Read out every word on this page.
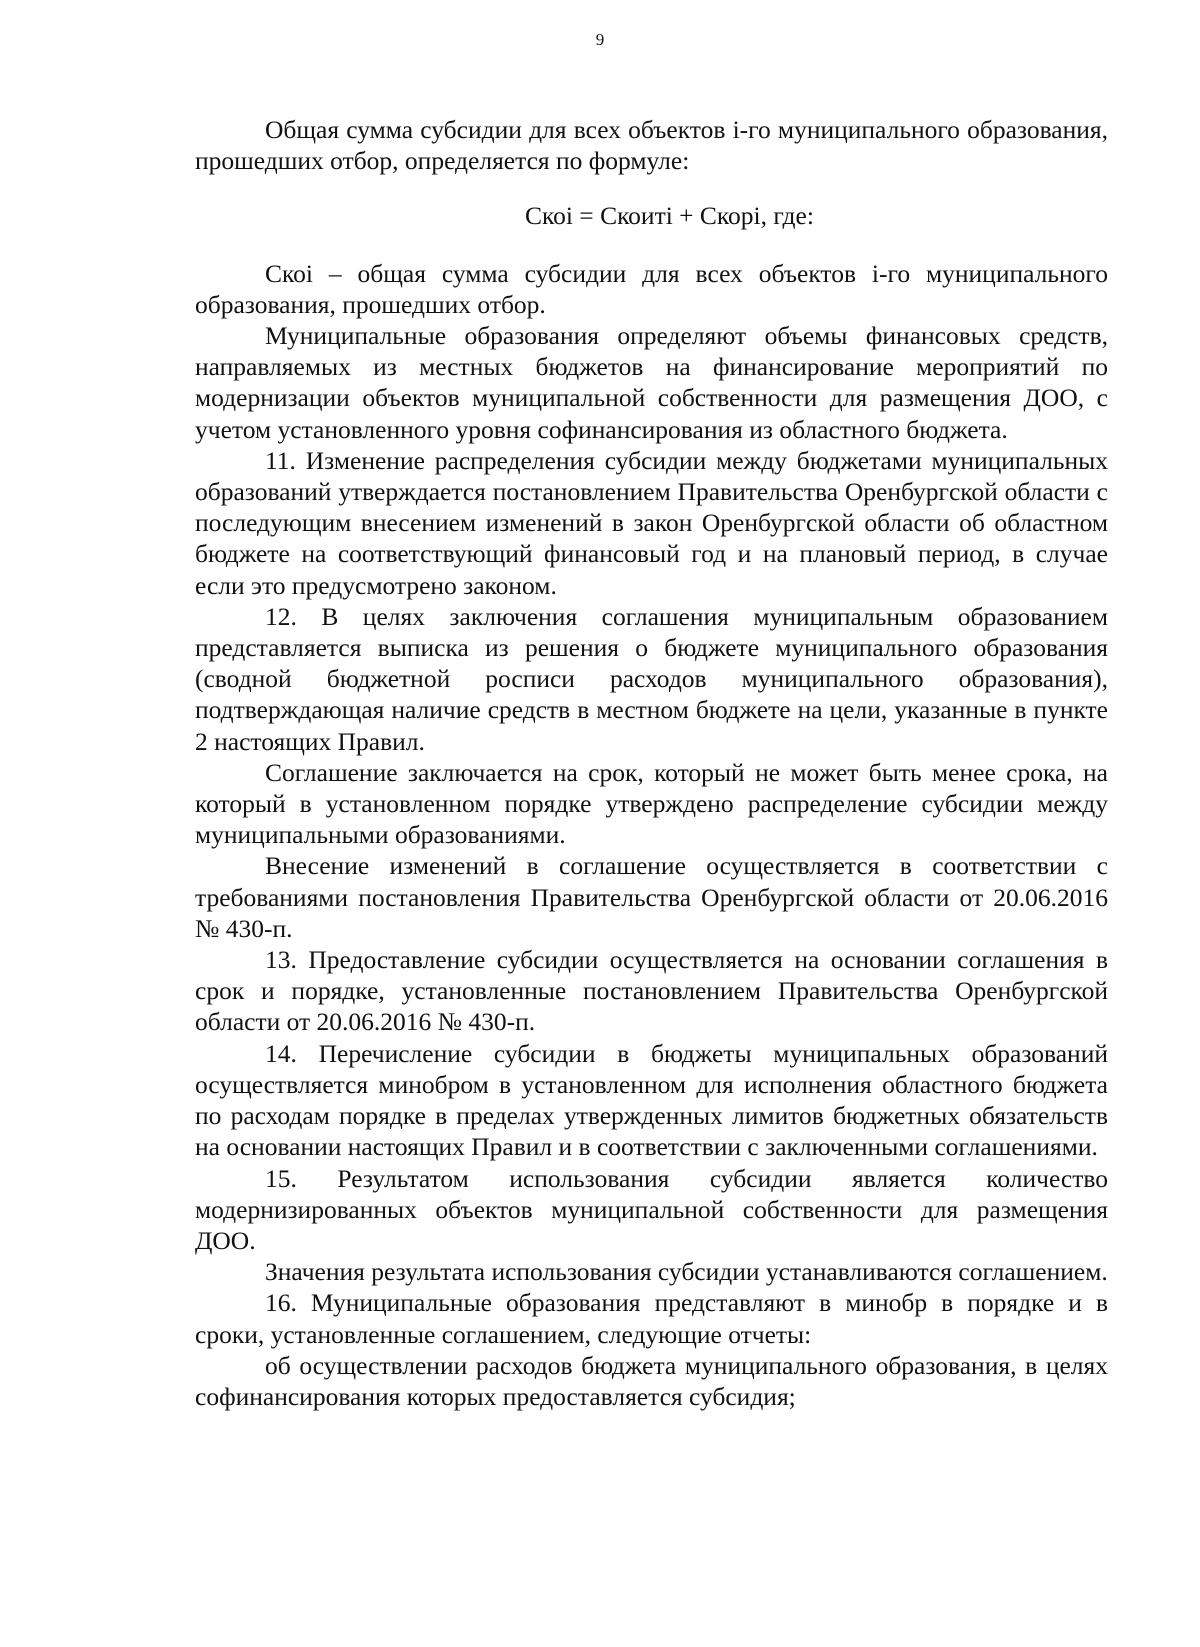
9

Общая сумма субсидии для всех объектов i-го муниципального образования, прошедших отбор, определяется по формуле:

Скоі = Скоиті + Скорі, где:

Скоі – общая сумма субсидии для всех объектов і-го муниципального образования, прошедших отбор.

Муниципальные образования определяют объемы финансовых средств, направляемых из местных бюджетов на финансирование мероприятий по модернизации объектов муниципальной собственности для размещения ДОО, с учетом установленного уровня софинансирования из областного бюджета.

11. Изменение распределения субсидии между бюджетами муниципальных образований утверждается постановлением Правительства Оренбургской области с последующим внесением изменений в закон Оренбургской области об областном бюджете на соответствующий финансовый год и на плановый период, в случае если это предусмотрено законом.

12. В целях заключения соглашения муниципальным образованием представляется выписка из решения о бюджете муниципального образования (сводной бюджетной росписи расходов муниципального образования), подтверждающая наличие средств в местном бюджете на цели, указанные в пункте 2 настоящих Правил.

Соглашение заключается на срок, который не может быть менее срока, на который в установленном порядке утверждено распределение субсидии между муниципальными образованиями.

Внесение изменений в соглашение осуществляется в соответствии с требованиями постановления Правительства Оренбургской области от 20.06.2016 № 430-п.

13. Предоставление субсидии осуществляется на основании соглашения в срок и порядке, установленные постановлением Правительства Оренбургской области от 20.06.2016 № 430-п.

14. Перечисление субсидии в бюджеты муниципальных образований осуществляется минобром в установленном для исполнения областного бюджета по расходам порядке в пределах утвержденных лимитов бюджетных обязательств на основании настоящих Правил и в соответствии с заключенными соглашениями.

15. Результатом использования субсидии является количество модернизированных объектов муниципальной собственности для размещения ДОО.

Значения результата использования субсидии устанавливаются соглашением.

16. Муниципальные образования представляют в минобр в порядке и в сроки, установленные соглашением, следующие отчеты:

об осуществлении расходов бюджета муниципального образования, в целях софинансирования которых предоставляется субсидия;
